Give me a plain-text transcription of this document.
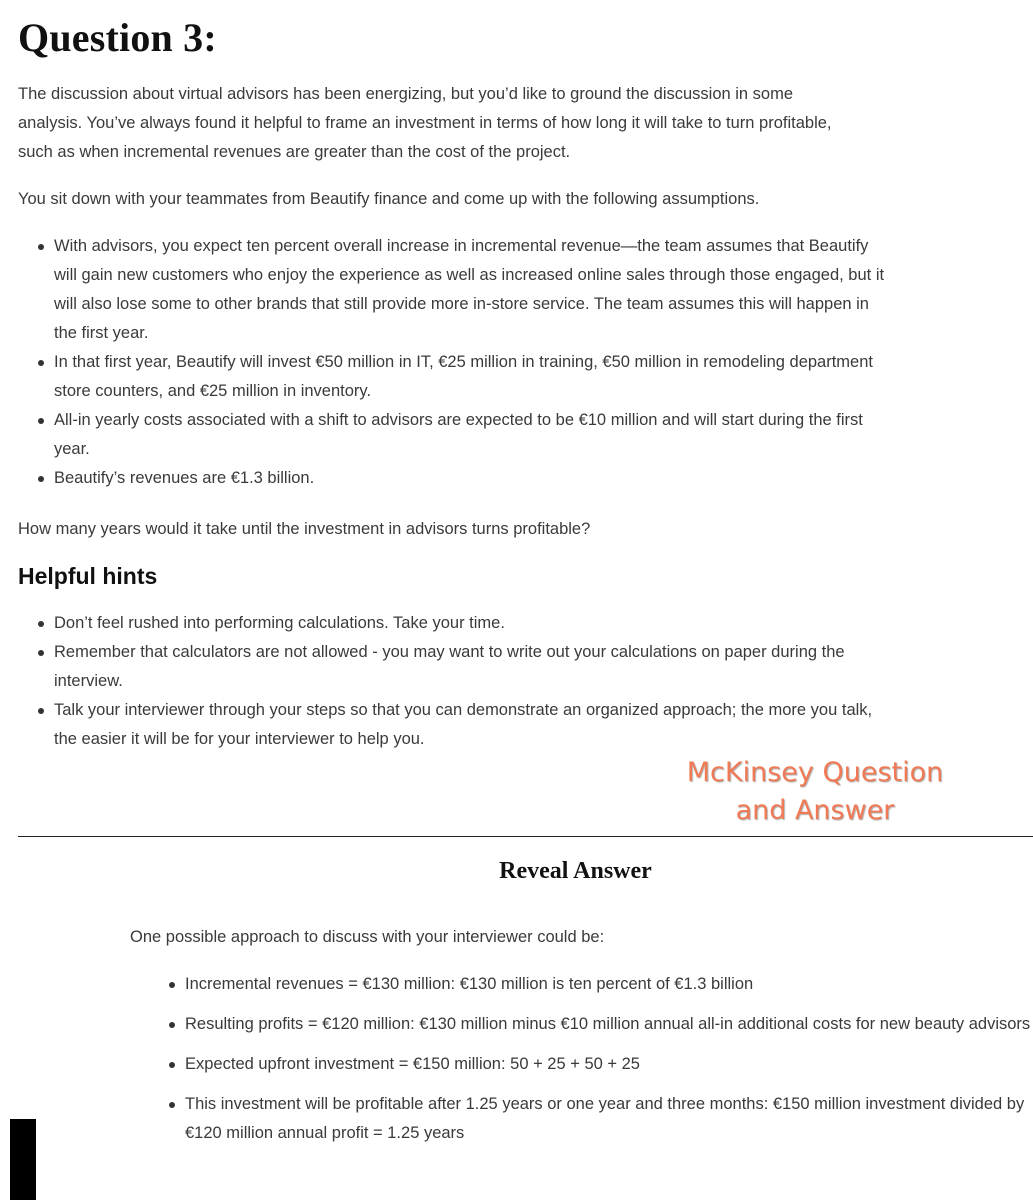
Question 3:

The discussion about virtual advisors has been energizing, but you’d like to ground the discussion in some analysis. You’ve always found it helpful to frame an investment in terms of how long it will take to turn profitable, such as when incremental revenues are greater than the cost of the project.

You sit down with your teammates from Beautify finance and come up with the following assumptions.

With advisors, you expect ten percent overall increase in incremental revenue—the team assumes that Beautify will gain new customers who enjoy the experience as well as increased online sales through those engaged, but it will also lose some to other brands that still provide more in-store service. The team assumes this will happen in the first year.
In that first year, Beautify will invest €50 million in IT, €25 million in training, €50 million in remodeling department store counters, and €25 million in inventory.
All-in yearly costs associated with a shift to advisors are expected to be €10 million and will start during the first year.
Beautify’s revenues are €1.3 billion.

How many years would it take until the investment in advisors turns profitable?

Helpful hints
Don’t feel rushed into performing calculations. Take your time.
Remember that calculators are not allowed - you may want to write out your calculations on paper during the interview.
Talk your interviewer through your steps so that you can demonstrate an organized approach; the more you talk, the easier it will be for your interviewer to help you.
McKinsey Question
and Answer
Reveal Answer

One possible approach to discuss with your interviewer could be:

Incremental revenues = €130 million: €130 million is ten percent of €1.3 billion
Resulting profits = €120 million: €130 million minus €10 million annual all-in additional costs for new beauty advisors
Expected upfront investment = €150 million: 50 + 25 + 50 + 25
This investment will be profitable after 1.25 years or one year and three months: €150 million investment divided by €120 million annual profit = 1.25 years
